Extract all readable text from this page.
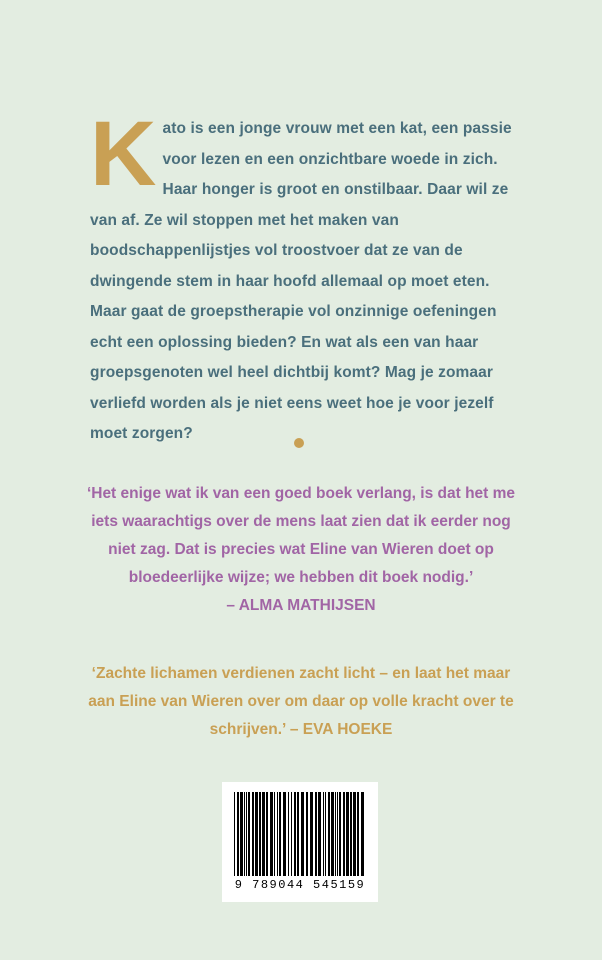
Kato is een jonge vrouw met een kat, een passie voor lezen en een onzichtbare woede in zich. Haar honger is groot en onstilbaar. Daar wil ze van af. Ze wil stoppen met het maken van boodschappenlijstjes vol troostvoer dat ze van de dwingende stem in haar hoofd allemaal op moet eten. Maar gaat de groepstherapie vol onzinnige oefeningen echt een oplossing bieden? En wat als een van haar groepsgenoten wel heel dichtbij komt? Mag je zomaar verliefd worden als je niet eens weet hoe je voor jezelf moet zorgen?
‘Het enige wat ik van een goed boek verlang, is dat het me iets waarachtigs over de mens laat zien dat ik eerder nog niet zag. Dat is precies wat Eline van Wieren doet op bloedeerlijke wijze; we hebben dit boek nodig.’
– ALMA MATHIJSEN
‘Zachte lichamen verdienen zacht licht – en laat het maar aan Eline van Wieren over om daar op volle kracht over te schrijven.’ – EVA HOEKE
9 789044 545159
